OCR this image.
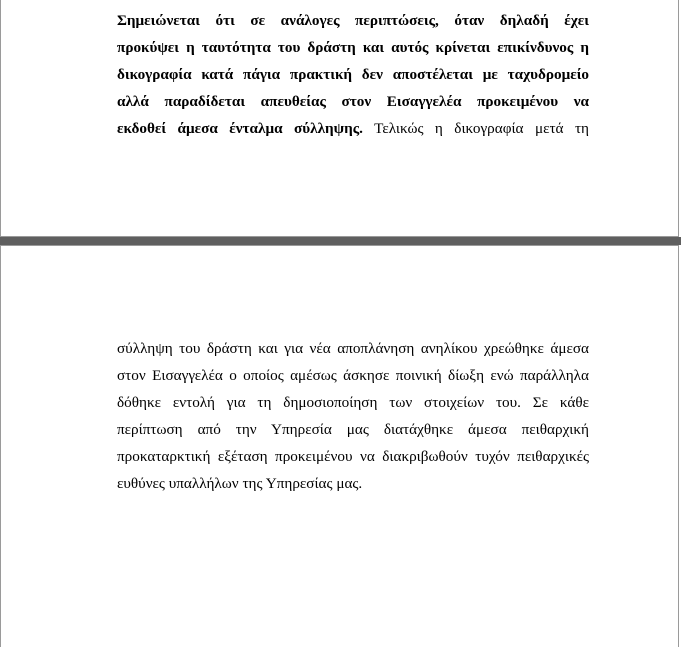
Σημειώνεται ότι σε ανάλογες περιπτώσεις, όταν δηλαδή έχει
προκύψει η ταυτότητα του δράστη και αυτός κρίνεται επικίνδυνος η
δικογραφία κατά πάγια πρακτική δεν αποστέλεται με ταχυδρομείο
αλλά παραδίδεται απευθείας στον Εισαγγελέα προκειμένου να
εκδοθεί άμεσα ένταλμα σύλληψης. Τελικώς η δικογραφία μετά τη
σύλληψη του δράστη και για νέα αποπλάνηση ανηλίκου χρεώθηκε άμεσα
στον Εισαγγελέα ο οποίος αμέσως άσκησε ποινική δίωξη ενώ παράλληλα
δόθηκε εντολή για τη δημοσιοποίηση των στοιχείων του. Σε κάθε
περίπτωση από την Υπηρεσία μας διατάχθηκε άμεσα πειθαρχική
προκαταρκτική εξέταση προκειμένου να διακριβωθούν τυχόν πειθαρχικές
ευθύνες υπαλλήλων της Υπηρεσίας μας.
